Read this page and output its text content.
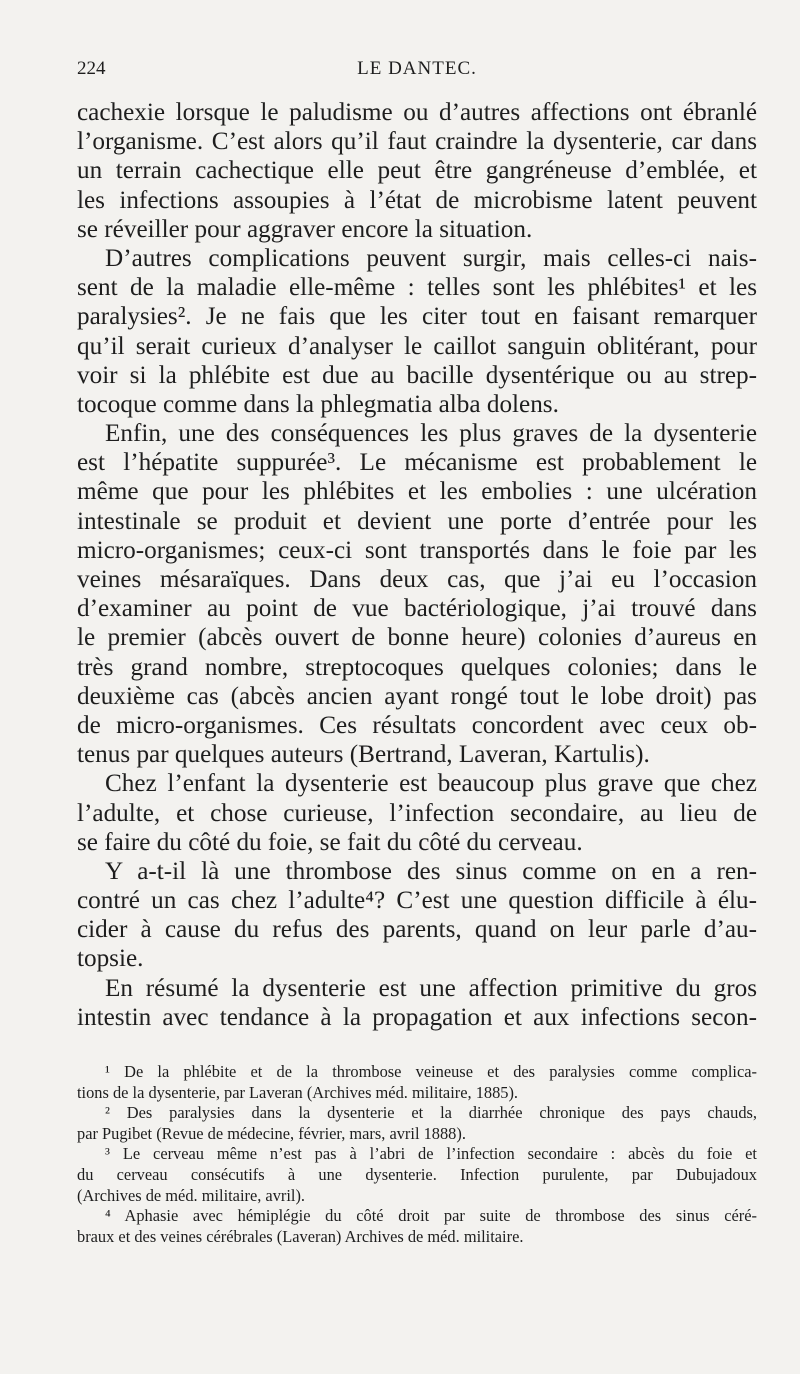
224	LE DANTEC.
cachexie lorsque le paludisme ou d’autres affections ont ébranlé
l’organisme. C’est alors qu’il faut craindre la dysenterie, car dans
un terrain cachectique elle peut être gangréneuse d’emblée, et
les infections assoupies à l’état de microbisme latent peuvent
se réveiller pour aggraver encore la situation.
D’autres complications peuvent surgir, mais celles-ci nais-
sent de la maladie elle-même : telles sont les phlébites¹ et les
paralysies². Je ne fais que les citer tout en faisant remarquer
qu’il serait curieux d’analyser le caillot sanguin oblitérant, pour
voir si la phlébite est due au bacille dysentérique ou au strep-
tocoque comme dans la phlegmatia alba dolens.
Enfin, une des conséquences les plus graves de la dysenterie
est l’hépatite suppurée³. Le mécanisme est probablement le
même que pour les phlébites et les embolies : une ulcération
intestinale se produit et devient une porte d’entrée pour les
micro-organismes; ceux-ci sont transportés dans le foie par les
veines mésaraïques. Dans deux cas, que j’ai eu l’occasion
d’examiner au point de vue bactériologique, j’ai trouvé dans
le premier (abcès ouvert de bonne heure) colonies d’aureus en
très grand nombre, streptocoques quelques colonies; dans le
deuxième cas (abcès ancien ayant rongé tout le lobe droit) pas
de micro-organismes. Ces résultats concordent avec ceux ob-
tenus par quelques auteurs (Bertrand, Laveran, Kartulis).
Chez l’enfant la dysenterie est beaucoup plus grave que chez
l’adulte, et chose curieuse, l’infection secondaire, au lieu de
se faire du côté du foie, se fait du côté du cerveau.
Y a-t-il là une thrombose des sinus comme on en a ren-
contré un cas chez l’adulte⁴? C’est une question difficile à élu-
cider à cause du refus des parents, quand on leur parle d’au-
topsie.
En résumé la dysenterie est une affection primitive du gros
intestin avec tendance à la propagation et aux infections secon-
¹ De la phlébite et de la thrombose veineuse et des paralysies comme complica-
tions de la dysenterie, par Laveran (Archives méd. militaire, 1885).
² Des paralysies dans la dysenterie et la diarrhée chronique des pays chauds,
par Pugibet (Revue de médecine, février, mars, avril 1888).
³ Le cerveau même n’est pas à l’abri de l’infection secondaire : abcès du foie et
du cerveau consécutifs à une dysenterie. Infection purulente, par Dubujadoux
(Archives de méd. militaire, avril).
⁴ Aphasie avec hémiplégie du côté droit par suite de thrombose des sinus céré-
braux et des veines cérébrales (Laveran) Archives de méd. militaire.
